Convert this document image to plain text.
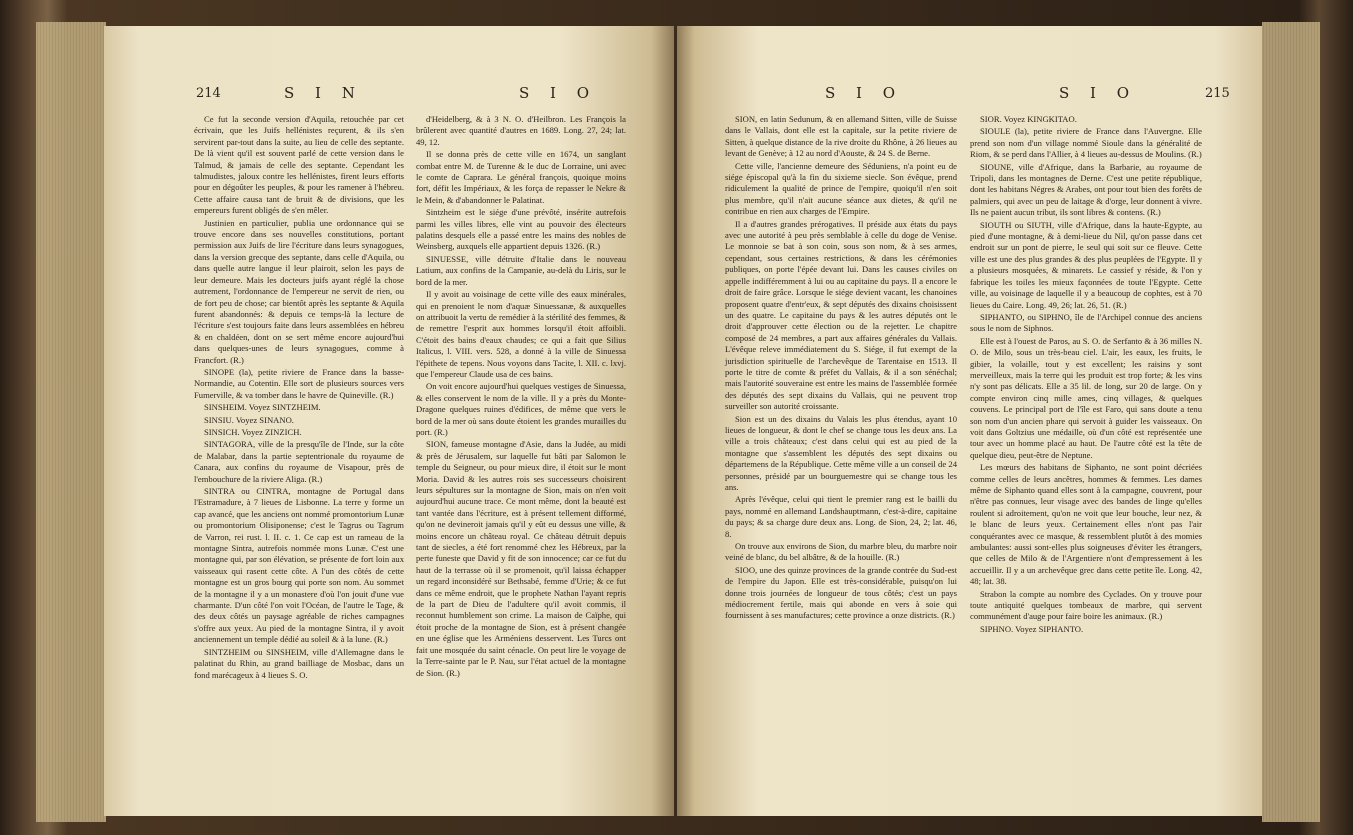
214	S I N	S I O

Ce fut la seconde version d'Aquila, retouchée par cet écrivain, que les Juifs hellénistes reçurent, & ils s'en servirent par-tout dans la suite, au lieu de celle des septante. De là vient qu'il est souvent parlé de cette version dans le Talmud, & jamais de celle des septante. Cependant les talmudistes, jaloux contre les hellénistes, firent leurs efforts pour en dégoûter les peuples, & pour les ramener à l'hébreu. Cette affaire causa tant de bruit & de divisions, que les empereurs furent obligés de s'en mêler.

Justinien en particulier, publia une ordonnance qui se trouve encore dans ses nouvelles constitutions, portant permission aux Juifs de lire l'écriture dans leurs synagogues, dans la version grecque des septante, dans celle d'Aquila, ou dans quelle autre langue il leur plairoit, selon les pays de leur demeure. Mais les docteurs juifs ayant réglé la chose autrement, l'ordonnance de l'empereur ne servit de rien, ou de fort peu de chose; car bientôt après les septante & Aquila furent abandonnés: & depuis ce temps-là la lecture de l'écriture s'est toujours faite dans leurs assemblées en hébreu & en chaldéen, dont on se sert même encore aujourd'hui dans quelques-unes de leurs synagogues, comme à Francfort. (R.)

SINOPE (la), petite riviere de France dans la basse-Normandie, au Cotentin. Elle sort de plusieurs sources vers Fumerville, & va tomber dans le havre de Quineville. (R.)

SINSHEIM. Voyez SINTZHEIM.

SINSIU. Voyez SINANO.

SINSICH. Voyez ZINZICH.

SINTAGORA, ville de la presqu'île de l'Inde, sur la côte de Malabar, dans la partie septentrionale du royaume de Canara, aux confins du royaume de Visapour, près de l'embouchure de la riviere Aliga. (R.)

SINTRA ou CINTRA, montagne de Portugal dans l'Estramadure, à 7 lieues de Lisbonne. La terre y forme un cap avancé, que les anciens ont nommé promontorium Lunæ ou promontorium Olisiponense; c'est le Tagrus ou Tagrum de Varron, rei rust. l. II. c. 1. Ce cap est un rameau de la montagne Sintra, autrefois nommée mons Lunæ. C'est une montagne qui, par son élévation, se présente de fort loin aux vaisseaux qui rasent cette côte. A l'un des côtés de cette montagne est un gros bourg qui porte son nom. Au sommet de la montagne il y a un monastere d'où l'on jouit d'une vue charmante. D'un côté l'on voit l'Océan, de l'autre le Tage, & des deux côtés un paysage agréable de riches campagnes s'offre aux yeux. Au pied de la montagne Sintra, il y avoit anciennement un temple dédié au soleil & à la lune. (R.)

SINTZHEIM ou SINSHEIM, ville d'Allemagne dans le palatinat du Rhin, au grand bailliage de Mosbac, dans un fond marécageux à 4 lieues S. O.

d'Heidelberg, & à 3 N. O. d'Heilbron. Les François la brûlerent avec quantité d'autres en 1689. Long. 27, 24; lat. 49, 12.

Il se donna près de cette ville en 1674, un sanglant combat entre M. de Turenne & le duc de Lorraine, uni avec le comte de Caprara. Le général françois, quoique moins fort, défit les Impériaux, & les força de repasser le Nekre & le Mein, & d'abandonner le Palatinat.

Sintzheim est le siége d'une prévôté, insérite autrefois parmi les villes libres, elle vint au pouvoir des électeurs palatins desquels elle a passé entre les mains des nobles de Weinsberg, auxquels elle appartient depuis 1326. (R.)

SINUESSE, ville détruite d'Italie dans le nouveau Latium, aux confins de la Campanie, au-delà du Liris, sur le bord de la mer.

Il y avoit au voisinage de cette ville des eaux minérales, qui en prenoient le nom d'aquæ Sinuessanæ, & auxquelles on attribuoit la vertu de remédier à la stérilité des femmes, & de remettre l'esprit aux hommes lorsqu'il étoit affoibli. C'étoit des bains d'eaux chaudes; ce qui a fait que Silius Italicus, l. VIII. vers. 528, a donné à la ville de Sinuessa l'épithete de tepens. Nous voyons dans Tacite, l. XII. c. lxvj. que l'empereur Claude usa de ces bains.

On voit encore aujourd'hui quelques vestiges de Sinuessa, & elles conservent le nom de la ville. Il y a près du Monte-Dragone quelques ruines d'édifices, de même que vers le bord de la mer où sans doute étoient les grandes murailles du port. (R.)

SION, fameuse montagne d'Asie, dans la Judée, au midi & près de Jérusalem, sur laquelle fut bâti par Salomon le temple du Seigneur, ou pour mieux dire, il étoit sur le mont Moria. David & les autres rois ses successeurs choisirent leurs sépultures sur la montagne de Sion, mais on n'en voit aujourd'hui aucune trace. Ce mont même, dont la beauté est tant vantée dans l'écriture, est à présent tellement difformé, qu'on ne devineroit jamais qu'il y eût eu dessus une ville, & moins encore un château royal. Ce château détruit depuis tant de siecles, a été fort renommé chez les Hébreux, par la perte funeste que David y fit de son innocence; car ce fut du haut de la terrasse où il se promenoit, qu'il laissa échapper un regard inconsidéré sur Bethsabé, femme d'Urie; & ce fut dans ce même endroit, que le prophete Nathan l'ayant repris de la part de Dieu de l'adultere qu'il avoit commis, il reconnut humblement son crime. La maison de Caïphe, qui étoit proche de la montagne de Sion, est à présent changée en une église que les Arméniens desservent. Les Turcs ont fait une mosquée du saint cénacle. On peut lire le voyage de la Terre-sainte par le P. Nau, sur l'état actuel de la montagne de Sion. (R.)

S I O	S I O	215

SION, en latin Sedunum, & en allemand Sitten, ville de Suisse dans le Vallais, dont elle est la capitale, sur la petite riviere de Sitten, à quelque distance de la rive droite du Rhône, à 26 lieues au levant de Genève; à 12 au nord d'Aouste, & 24 S. de Berne.

Cette ville, l'ancienne demeure des Séduniens, n'a point eu de siége épiscopal qu'à la fin du sixieme siecle. Son évêque, prend ridiculement la qualité de prince de l'empire, quoiqu'il n'en soit plus membre, qu'il n'ait aucune séance aux dietes, & qu'il ne contribue en rien aux charges de l'Empire.

Il a d'autres grandes prérogatives. Il préside aux états du pays avec une autorité à peu près semblable à celle du doge de Venise. Le monnoie se bat à son coin, sous son nom, & à ses armes, cependant, sous certaines restrictions, & dans les cérémonies publiques, on porte l'épée devant lui. Dans les causes civiles on appelle indifféremment à lui ou au capitaine du pays. Il a encore le droit de faire grâce. Lorsque le siége devient vacant, les chanoines proposent quatre d'entr'eux, & sept députés des dixains choisissent un des quatre. Le capitaine du pays & les autres députés ont le droit d'approuver cette élection ou de la rejetter. Le chapitre composé de 24 membres, a part aux affaires générales du Vallais. L'évêque releve immédiatement du S. Siége, il fut exempt de la jurisdiction spirituelle de l'archevêque de Tarentaise en 1513. Il porte le titre de comte & préfet du Vallais, & il a son sénéchal; mais l'autorité souveraine est entre les mains de l'assemblée formée des députés des sept dixains du Vallais, qui ne peuvent trop surveiller son autorité croissante.

Sion est un des dixains du Valais les plus étendus, ayant 10 lieues de longueur, & dont le chef se change tous les deux ans. La ville a trois châteaux; c'est dans celui qui est au pied de la montagne que s'assemblent les députés des sept dixains ou départemens de la République. Cette même ville a un conseil de 24 personnes, présidé par un bourguemestre qui se change tous les ans.

Après l'évêque, celui qui tient le premier rang est le bailli du pays, nommé en allemand Landshauptmann, c'est-à-dire, capitaine du pays; & sa charge dure deux ans. Long. de Sion, 24, 2; lat. 46, 8.

On trouve aux environs de Sion, du marbre bleu, du marbre noir veiné de blanc, du bel albâtre, & de la houille. (R.)

SIOO, une des quinze provinces de la grande contrée du Sud-est de l'empire du Japon. Elle est très-considérable, puisqu'on lui donne trois journées de longueur de tous côtés; c'est un pays médiocrement fertile, mais qui abonde en vers à soie qui fournissent à ses manufactures; cette province a onze districts. (R.)

SIOR. Voyez KINGKITAO.

SIOULE (la), petite riviere de France dans l'Auvergne. Elle prend son nom d'un village nommé Sioule dans la généralité de Riom, & se perd dans l'Allier, à 4 lieues au-dessus de Moulins. (R.)

SIOUNE, ville d'Afrique, dans la Barbarie, au royaume de Tripoli, dans les montagnes de Derne. C'est une petite république, dont les habitans Négres & Arabes, ont pour tout bien des forêts de palmiers, qui avec un peu de laitage & d'orge, leur donnent à vivre. Ils ne paient aucun tribut, ils sont libres & contens. (R.)

SIOUTH ou SIUTH, ville d'Afrique, dans la haute-Egypte, au pied d'une montagne, & à demi-lieue du Nil, qu'on passe dans cet endroit sur un pont de pierre, le seul qui soit sur ce fleuve. Cette ville est une des plus grandes & des plus peuplées de l'Egypte. Il y a plusieurs mosquées, & minarets. Le cassief y réside, & l'on y fabrique les toiles les mieux façonnées de toute l'Egypte. Cette ville, au voisinage de laquelle il y a beaucoup de cophtes, est à 70 lieues du Caire. Long. 49, 26; lat. 26, 51. (R.)

SIPHANTO, ou SIPHNO, île de l'Archipel connue des anciens sous le nom de Siphnos.

Elle est à l'ouest de Paros, au S. O. de Serfanto & à 36 milles N. O. de Milo, sous un très-beau ciel. L'air, les eaux, les fruits, le gibier, la volaille, tout y est excellent; les raisins y sont merveilleux, mais la terre qui les produit est trop forte; & les vins n'y sont pas délicats. Elle a 35 lil. de long, sur 20 de large. On y compte environ cinq mille ames, cinq villages, & quelques couvens. Le principal port de l'île est Faro, qui sans doute a tenu son nom d'un ancien phare qui servoit à guider les vaisseaux. On voit dans Goltzius une médaille, où d'un côté est représentée une tour avec un homme placé au haut. De l'autre côté est la tête de quelque dieu, peut-être de Neptune.

Les mœurs des habitans de Siphanto, ne sont point décriées comme celles de leurs ancêtres, hommes & femmes. Les dames même de Siphanto quand elles sont à la campagne, couvrent, pour n'être pas connues, leur visage avec des bandes de linge qu'elles roulent si adroitement, qu'on ne voit que leur bouche, leur nez, & le blanc de leurs yeux. Certainement elles n'ont pas l'air conquérantes avec ce masque, & ressemblent plutôt à des momies ambulantes: aussi sont-elles plus soigneuses d'éviter les étrangers, que celles de Milo & de l'Argentiere n'ont d'empressement à les accueillir. Il y a un archevêque grec dans cette petite île. Long. 42, 48; lat. 38.

Strabon la compte au nombre des Cyclades. On y trouve pour toute antiquité quelques tombeaux de marbre, qui servent communément d'auge pour faire boire les animaux. (R.)

SIPHNO. Voyez SIPHANTO.
